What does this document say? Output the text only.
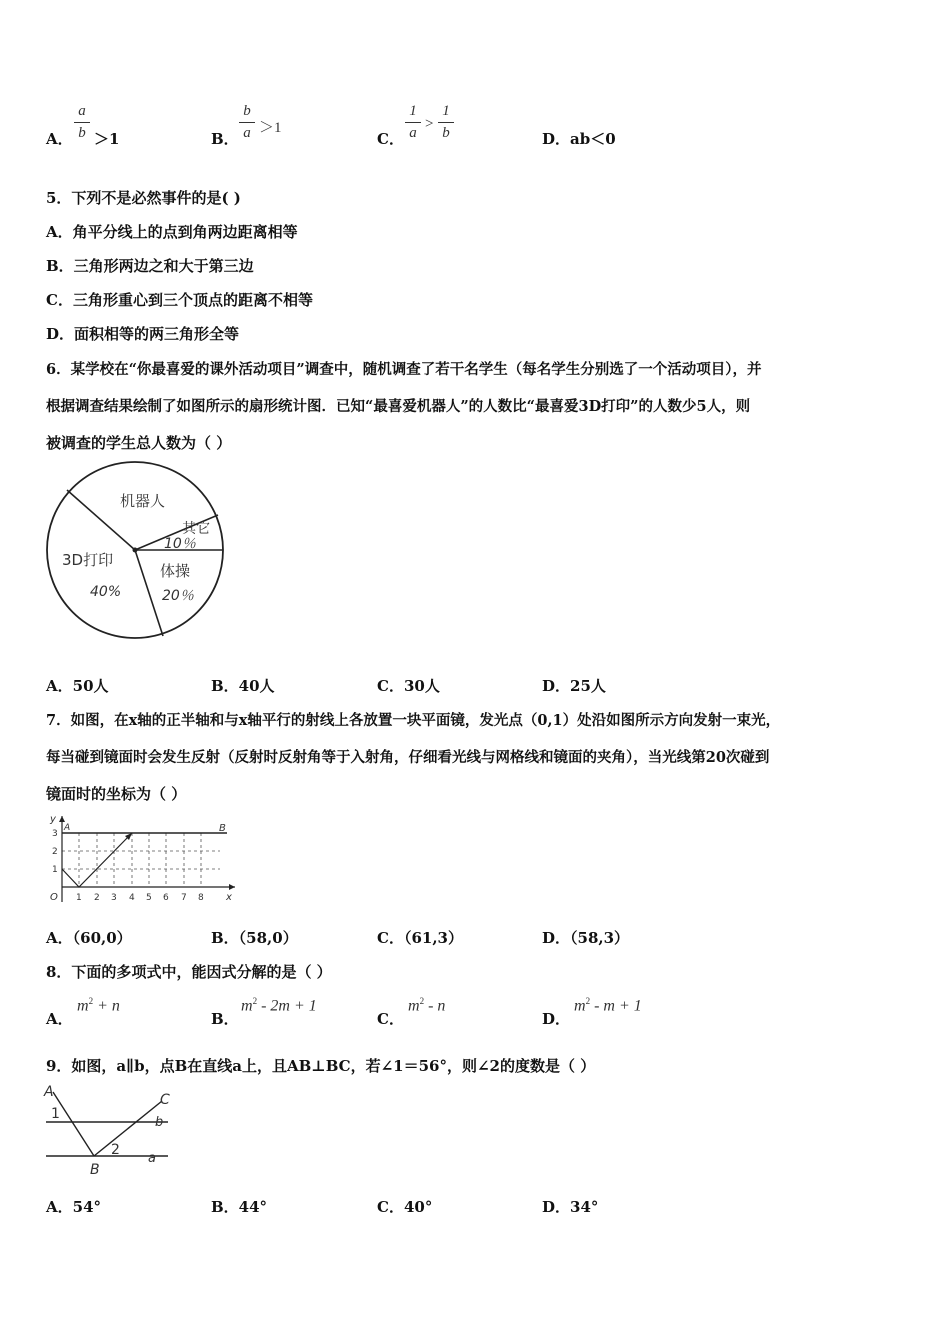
A．
a
b ＞1	B．
b
a ＞1
C．
1
a
>
1
b	D． ab＜0
5．下列不是必然事件的是( )
A．角平分线上的点到角两边距离相等
B．三角形两边之和大于第三边
C．三角形重心到三个顶点的距离不相等
D．面积相等的两三角形全等
6．某学校在“你最喜爱的课外活动项目”调查中，随机调查了若干名学生（每名学生分别选了一个活动项目），并
根据调查结果绘制了如图所示的扇形统计图．已知“最喜爱机器人”的人数比“最喜爱3D打印”的人数少5人，则
被调查的学生总人数为（ ）
机器人
其它
10％
3D打印
40%
体操
20％
A．50人	B．40人	C．30人	D．25人
7．如图，在x轴的正半轴和与x轴平行的射线上各放置一块平面镜，发光点（0,1）处沿如图所示方向发射一束光，
每当碰到镜面时会发生反射（反射时反射角等于入射角，仔细看光线与网格线和镜面的夹角），当光线第20次碰到
镜面时的坐标为（ ）
y
x
O
A	B
1
2
3
1 2 3 4 5 6 7 8
A．（60,0）	B．（58,0）	C．（61,3）	D．（58,3）
8．下面的多项式中，能因式分解的是（ ）
A．
$m^2 + n$
B．
$m^2 - 2m + 1$
C．
$m^2$ - n
D．
$m^2 - m + 1$
9．如图，a∥b，点B在直线a上，且AB⊥BC，若∠1＝56°，则∠2的度数是（ ）
A	C
1
2
b
B
a
A．54°	B．44°	C．40°	D．34°
